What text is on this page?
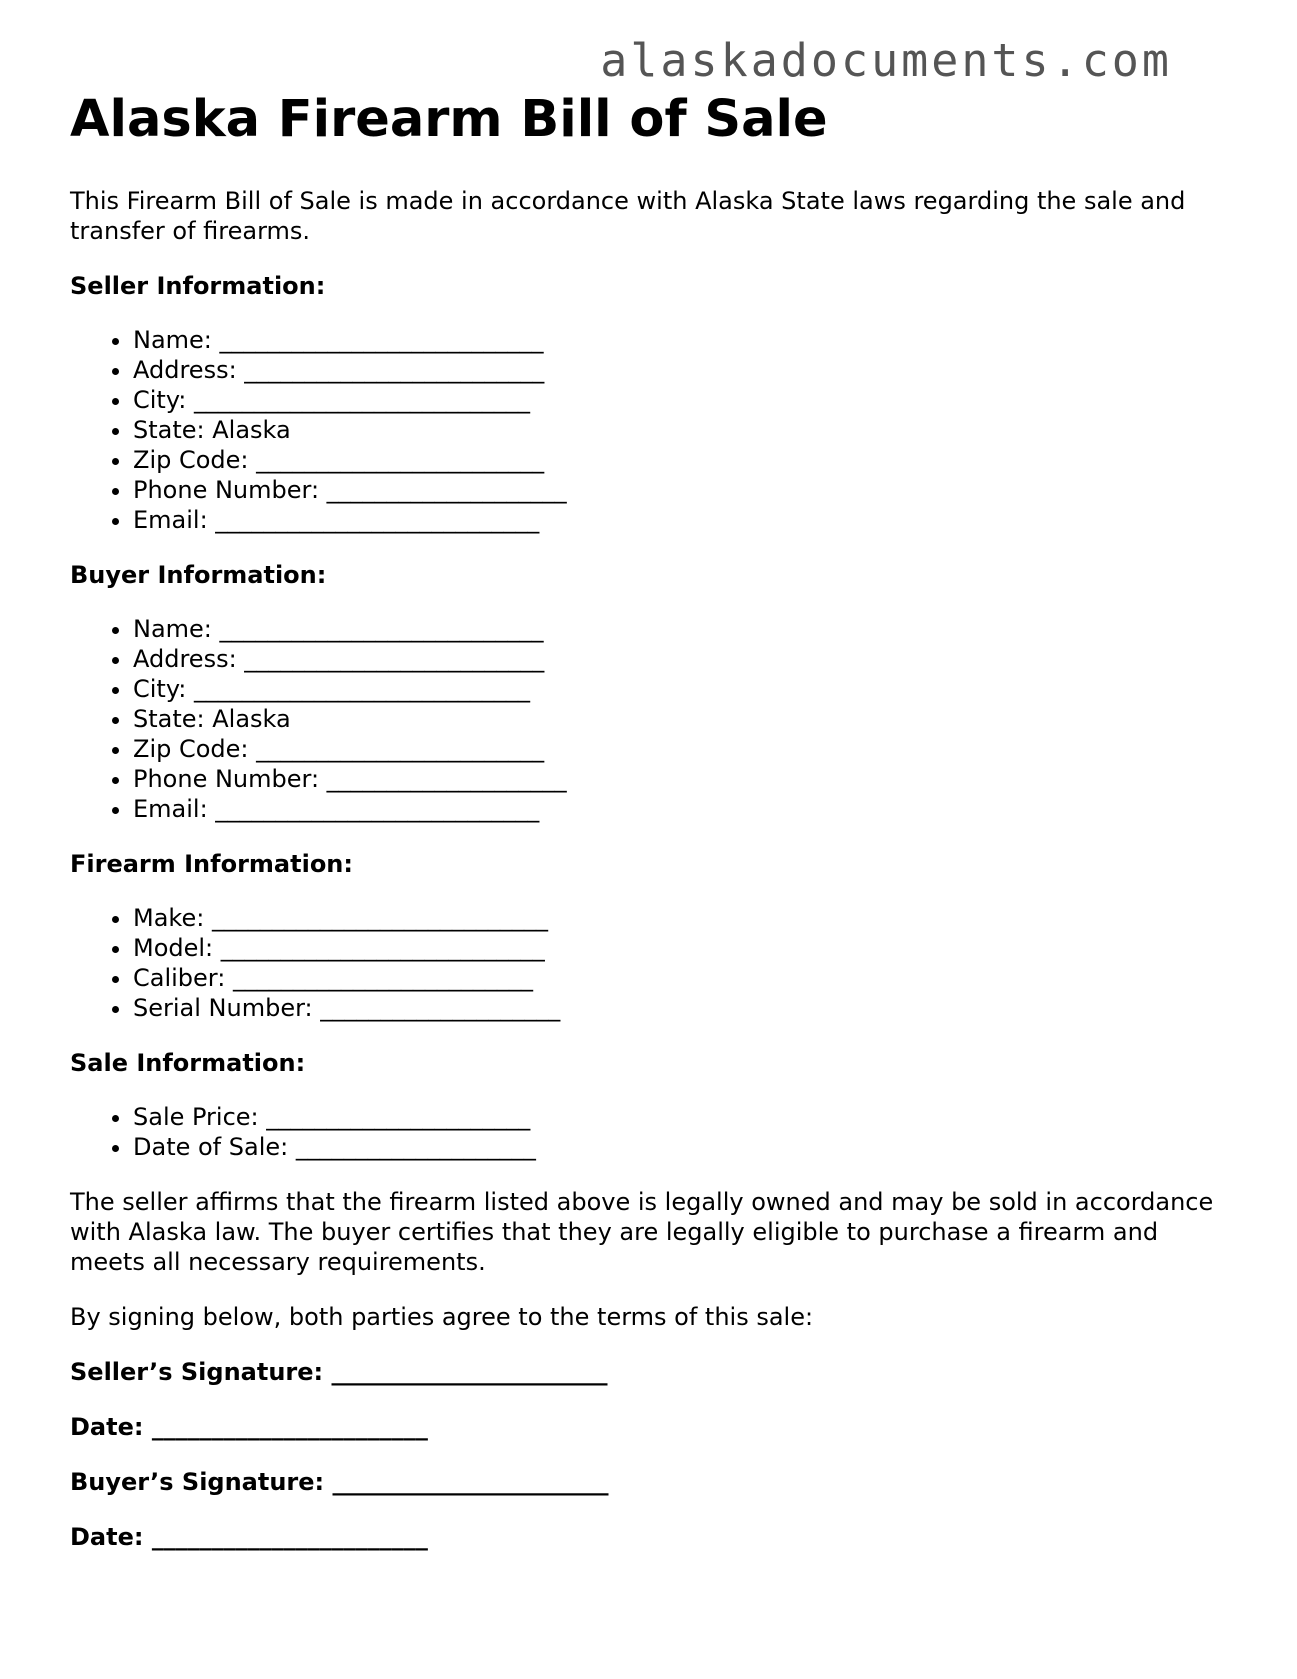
alaskadocuments.com
Alaska Firearm Bill of Sale

This Firearm Bill of Sale is made in accordance with Alaska State laws regarding the sale and transfer of firearms.

Seller Information:
• Name: ___________________________
• Address: _________________________
• City: ____________________________
• State: Alaska
• Zip Code: ________________________
• Phone Number: ____________________
• Email: ___________________________
Buyer Information:
• Name: ___________________________
• Address: _________________________
• City: ____________________________
• State: Alaska
• Zip Code: ________________________
• Phone Number: ____________________
• Email: ___________________________
Firearm Information:
• Make: ____________________________
• Model: ___________________________
• Caliber: _________________________
• Serial Number: ____________________
Sale Information:
• Sale Price: ______________________
• Date of Sale: ____________________

The seller affirms that the firearm listed above is legally owned and may be sold in accordance with Alaska law. The buyer certifies that they are legally eligible to purchase a firearm and meets all necessary requirements.

By signing below, both parties agree to the terms of this sale:

Seller’s Signature: _______________________
Date: _______________________
Buyer’s Signature: _______________________
Date: _______________________
